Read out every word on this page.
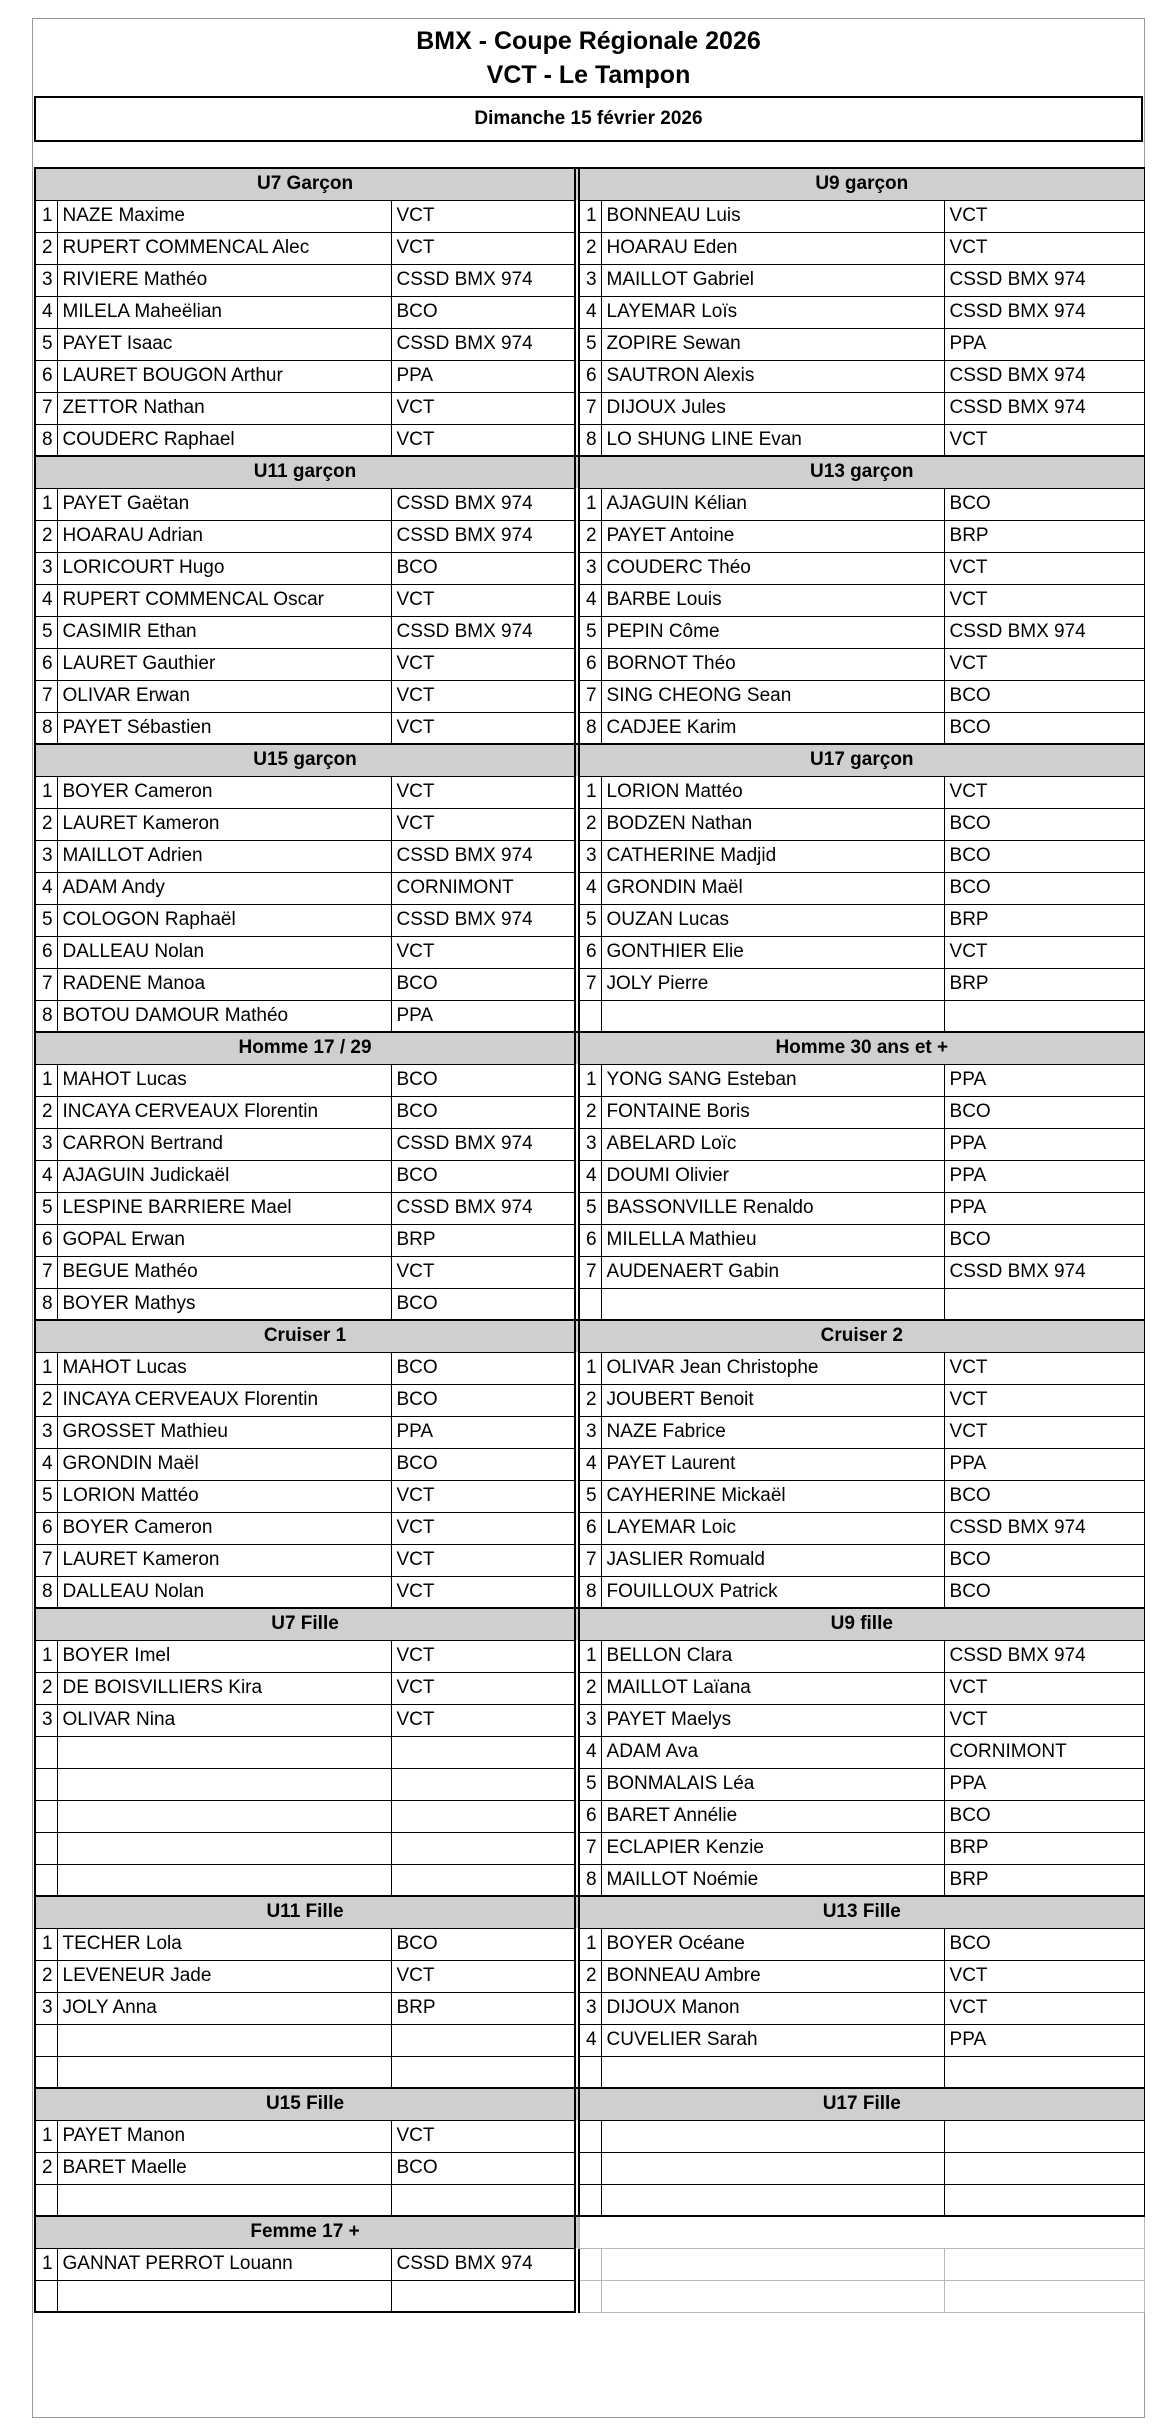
BMX - Coupe Régionale 2026
VCT - Le Tampon
Dimanche 15 février 2026
U7 Garçon				U9 garçon		
1	NAZE Maxime	VCT		1	BONNEAU Luis	VCT
2	RUPERT COMMENCAL Alec	VCT		2	HOARAU Eden	VCT
3	RIVIERE Mathéo	CSSD BMX 974		3	MAILLOT Gabriel	CSSD BMX 974
4	MILELA Maheëlian	BCO		4	LAYEMAR Loïs	CSSD BMX 974
5	PAYET Isaac	CSSD BMX 974		5	ZOPIRE Sewan	PPA
6	LAURET BOUGON Arthur	PPA		6	SAUTRON Alexis	CSSD BMX 974
7	ZETTOR Nathan	VCT		7	DIJOUX Jules	CSSD BMX 974
8	COUDERC Raphael	VCT		8	LO SHUNG LINE Evan	VCT
U11 garçon				U13 garçon		
1	PAYET Gaëtan	CSSD BMX 974		1	AJAGUIN Kélian	BCO
2	HOARAU Adrian	CSSD BMX 974		2	PAYET Antoine	BRP
3	LORICOURT Hugo	BCO		3	COUDERC Théo	VCT
4	RUPERT COMMENCAL Oscar	VCT		4	BARBE Louis	VCT
5	CASIMIR Ethan	CSSD BMX 974		5	PEPIN Côme	CSSD BMX 974
6	LAURET Gauthier	VCT		6	BORNOT Théo	VCT
7	OLIVAR Erwan	VCT		7	SING CHEONG Sean	BCO
8	PAYET Sébastien	VCT		8	CADJEE Karim	BCO
U15 garçon				U17 garçon		
1	BOYER Cameron	VCT		1	LORION Mattéo	VCT
2	LAURET Kameron	VCT		2	BODZEN Nathan	BCO
3	MAILLOT Adrien	CSSD BMX 974		3	CATHERINE Madjid	BCO
4	ADAM Andy	CORNIMONT		4	GRONDIN Maël	BCO
5	COLOGON Raphaël	CSSD BMX 974		5	OUZAN Lucas	BRP
6	DALLEAU Nolan	VCT		6	GONTHIER Elie	VCT
7	RADENE Manoa	BCO		7	JOLY Pierre	BRP
8	BOTOU DAMOUR Mathéo	PPA				
Homme 17 / 29				Homme 30 ans et +		
1	MAHOT Lucas	BCO		1	YONG SANG Esteban	PPA
2	INCAYA CERVEAUX Florentin	BCO		2	FONTAINE Boris	BCO
3	CARRON Bertrand	CSSD BMX 974		3	ABELARD Loïc	PPA
4	AJAGUIN Judickaël	BCO		4	DOUMI Olivier	PPA
5	LESPINE BARRIERE Mael	CSSD BMX 974		5	BASSONVILLE Renaldo	PPA
6	GOPAL Erwan	BRP		6	MILELLA Mathieu	BCO
7	BEGUE Mathéo	VCT		7	AUDENAERT Gabin	CSSD BMX 974
8	BOYER Mathys	BCO				
Cruiser 1				Cruiser 2		
1	MAHOT Lucas	BCO		1	OLIVAR Jean Christophe	VCT
2	INCAYA CERVEAUX Florentin	BCO		2	JOUBERT Benoit	VCT
3	GROSSET Mathieu	PPA		3	NAZE Fabrice	VCT
4	GRONDIN Maël	BCO		4	PAYET Laurent	PPA
5	LORION Mattéo	VCT		5	CAYHERINE Mickaël	BCO
6	BOYER Cameron	VCT		6	LAYEMAR Loic	CSSD BMX 974
7	LAURET Kameron	VCT		7	JASLIER Romuald	BCO
8	DALLEAU Nolan	VCT		8	FOUILLOUX Patrick	BCO
U7 Fille				U9 fille		
1	BOYER Imel	VCT		1	BELLON Clara	CSSD BMX 974
2	DE BOISVILLIERS Kira	VCT		2	MAILLOT Laïana	VCT
3	OLIVAR Nina	VCT		3	PAYET Maelys	VCT
				4	ADAM Ava	CORNIMONT
				5	BONMALAIS Léa	PPA
				6	BARET Annélie	BCO
				7	ECLAPIER Kenzie	BRP
				8	MAILLOT Noémie	BRP
U11 Fille				U13 Fille		
1	TECHER Lola	BCO		1	BOYER Océane	BCO
2	LEVENEUR Jade	VCT		2	BONNEAU Ambre	VCT
3	JOLY Anna	BRP		3	DIJOUX Manon	VCT
				4	CUVELIER Sarah	PPA

U15 Fille				U17 Fille		
1	PAYET Manon	VCT				
2	BARET Maelle	BCO				

Femme 17 +						
1	GANNAT PERROT Louann	CSSD BMX 974				
